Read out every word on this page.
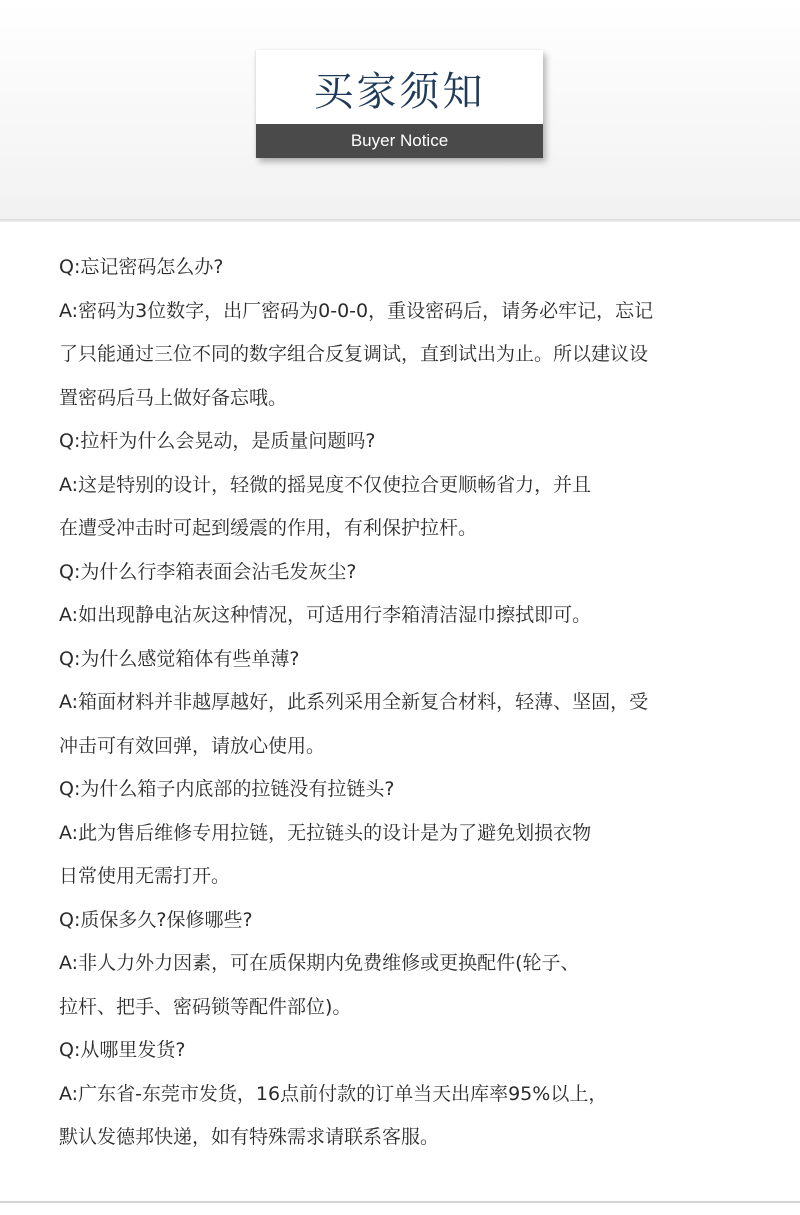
买家须知
Buyer Notice
Q:忘记密码怎么办?
A:密码为3位数字，出厂密码为0-0-0，重设密码后，请务必牢记，忘记
了只能通过三位不同的数字组合反复调试，直到试出为止。所以建议设
置密码后马上做好备忘哦。
Q:拉杆为什么会晃动，是质量问题吗?
A:这是特别的设计，轻微的摇晃度不仅使拉合更顺畅省力，并且
在遭受冲击时可起到缓震的作用，有利保护拉杆。
Q:为什么行李箱表面会沾毛发灰尘?
A:如出现静电沾灰这种情况，可适用行李箱清洁湿巾擦拭即可。
Q:为什么感觉箱体有些单薄?
A:箱面材料并非越厚越好，此系列采用全新复合材料，轻薄、坚固，受
冲击可有效回弹，请放心使用。
Q:为什么箱子内底部的拉链没有拉链头?
A:此为售后维修专用拉链，无拉链头的设计是为了避免划损衣物
日常使用无需打开。
Q:质保多久?保修哪些?
A:非人力外力因素，可在质保期内免费维修或更换配件(轮子、
拉杆、把手、密码锁等配件部位)。
Q:从哪里发货?
A:广东省-东莞市发货，16点前付款的订单当天出库率95%以上，
默认发德邦快递，如有特殊需求请联系客服。
